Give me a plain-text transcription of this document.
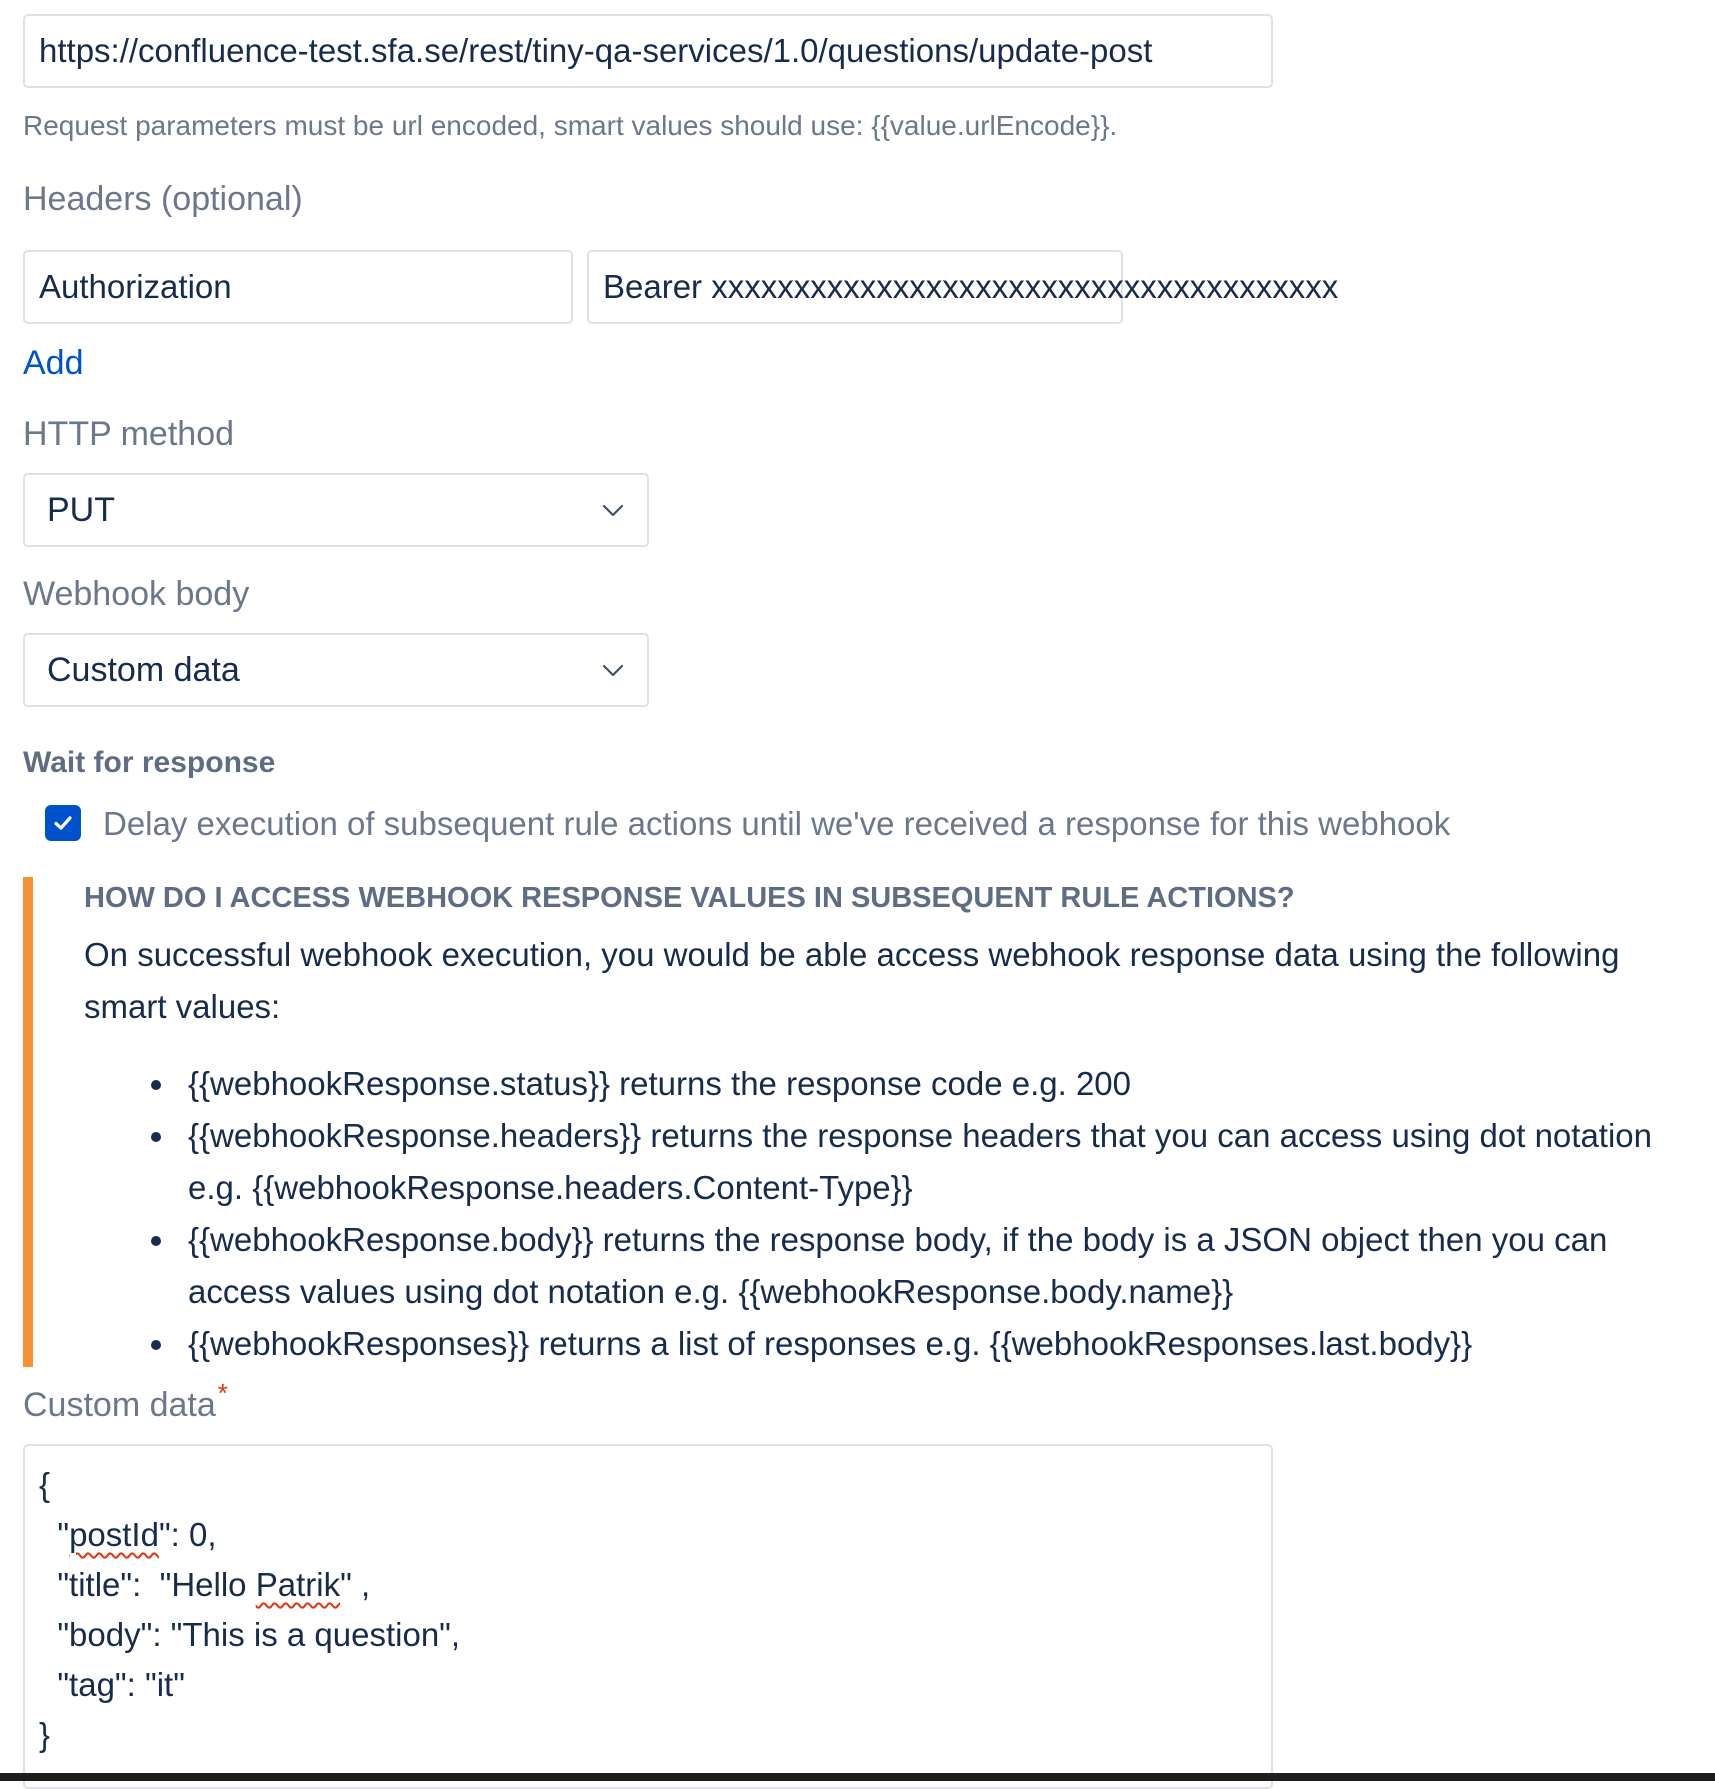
https://confluence-test.sfa.se/rest/tiny-qa-services/1.0/questions/update-post
Request parameters must be url encoded, smart values should use: {{value.urlEncode}}.
Headers (optional)
Authorization	Bearer xxxxxxxxxxxxxxxxxxxxxxxxxxxxxxxxxxxxxx
Add
HTTP method
PUT
Webhook body
Custom data
Wait for response
Delay execution of subsequent rule actions until we've received a response for this webhook
HOW DO I ACCESS WEBHOOK RESPONSE VALUES IN SUBSEQUENT RULE ACTIONS?
On successful webhook execution, you would be able access webhook response data using the following smart values:
{{webhookResponse.status}} returns the response code e.g. 200
{{webhookResponse.headers}} returns the response headers that you can access using dot notation e.g. {{webhookResponse.headers.Content-Type}}
{{webhookResponse.body}} returns the response body, if the body is a JSON object then you can access values using dot notation e.g. {{webhookResponse.body.name}}
{{webhookResponses}} returns a list of responses e.g. {{webhookResponses.last.body}}
Custom data*
{
"postId": 0,
"title":  "Hello Patrik" ,
"body": "This is a question",
"tag": "it"
}
